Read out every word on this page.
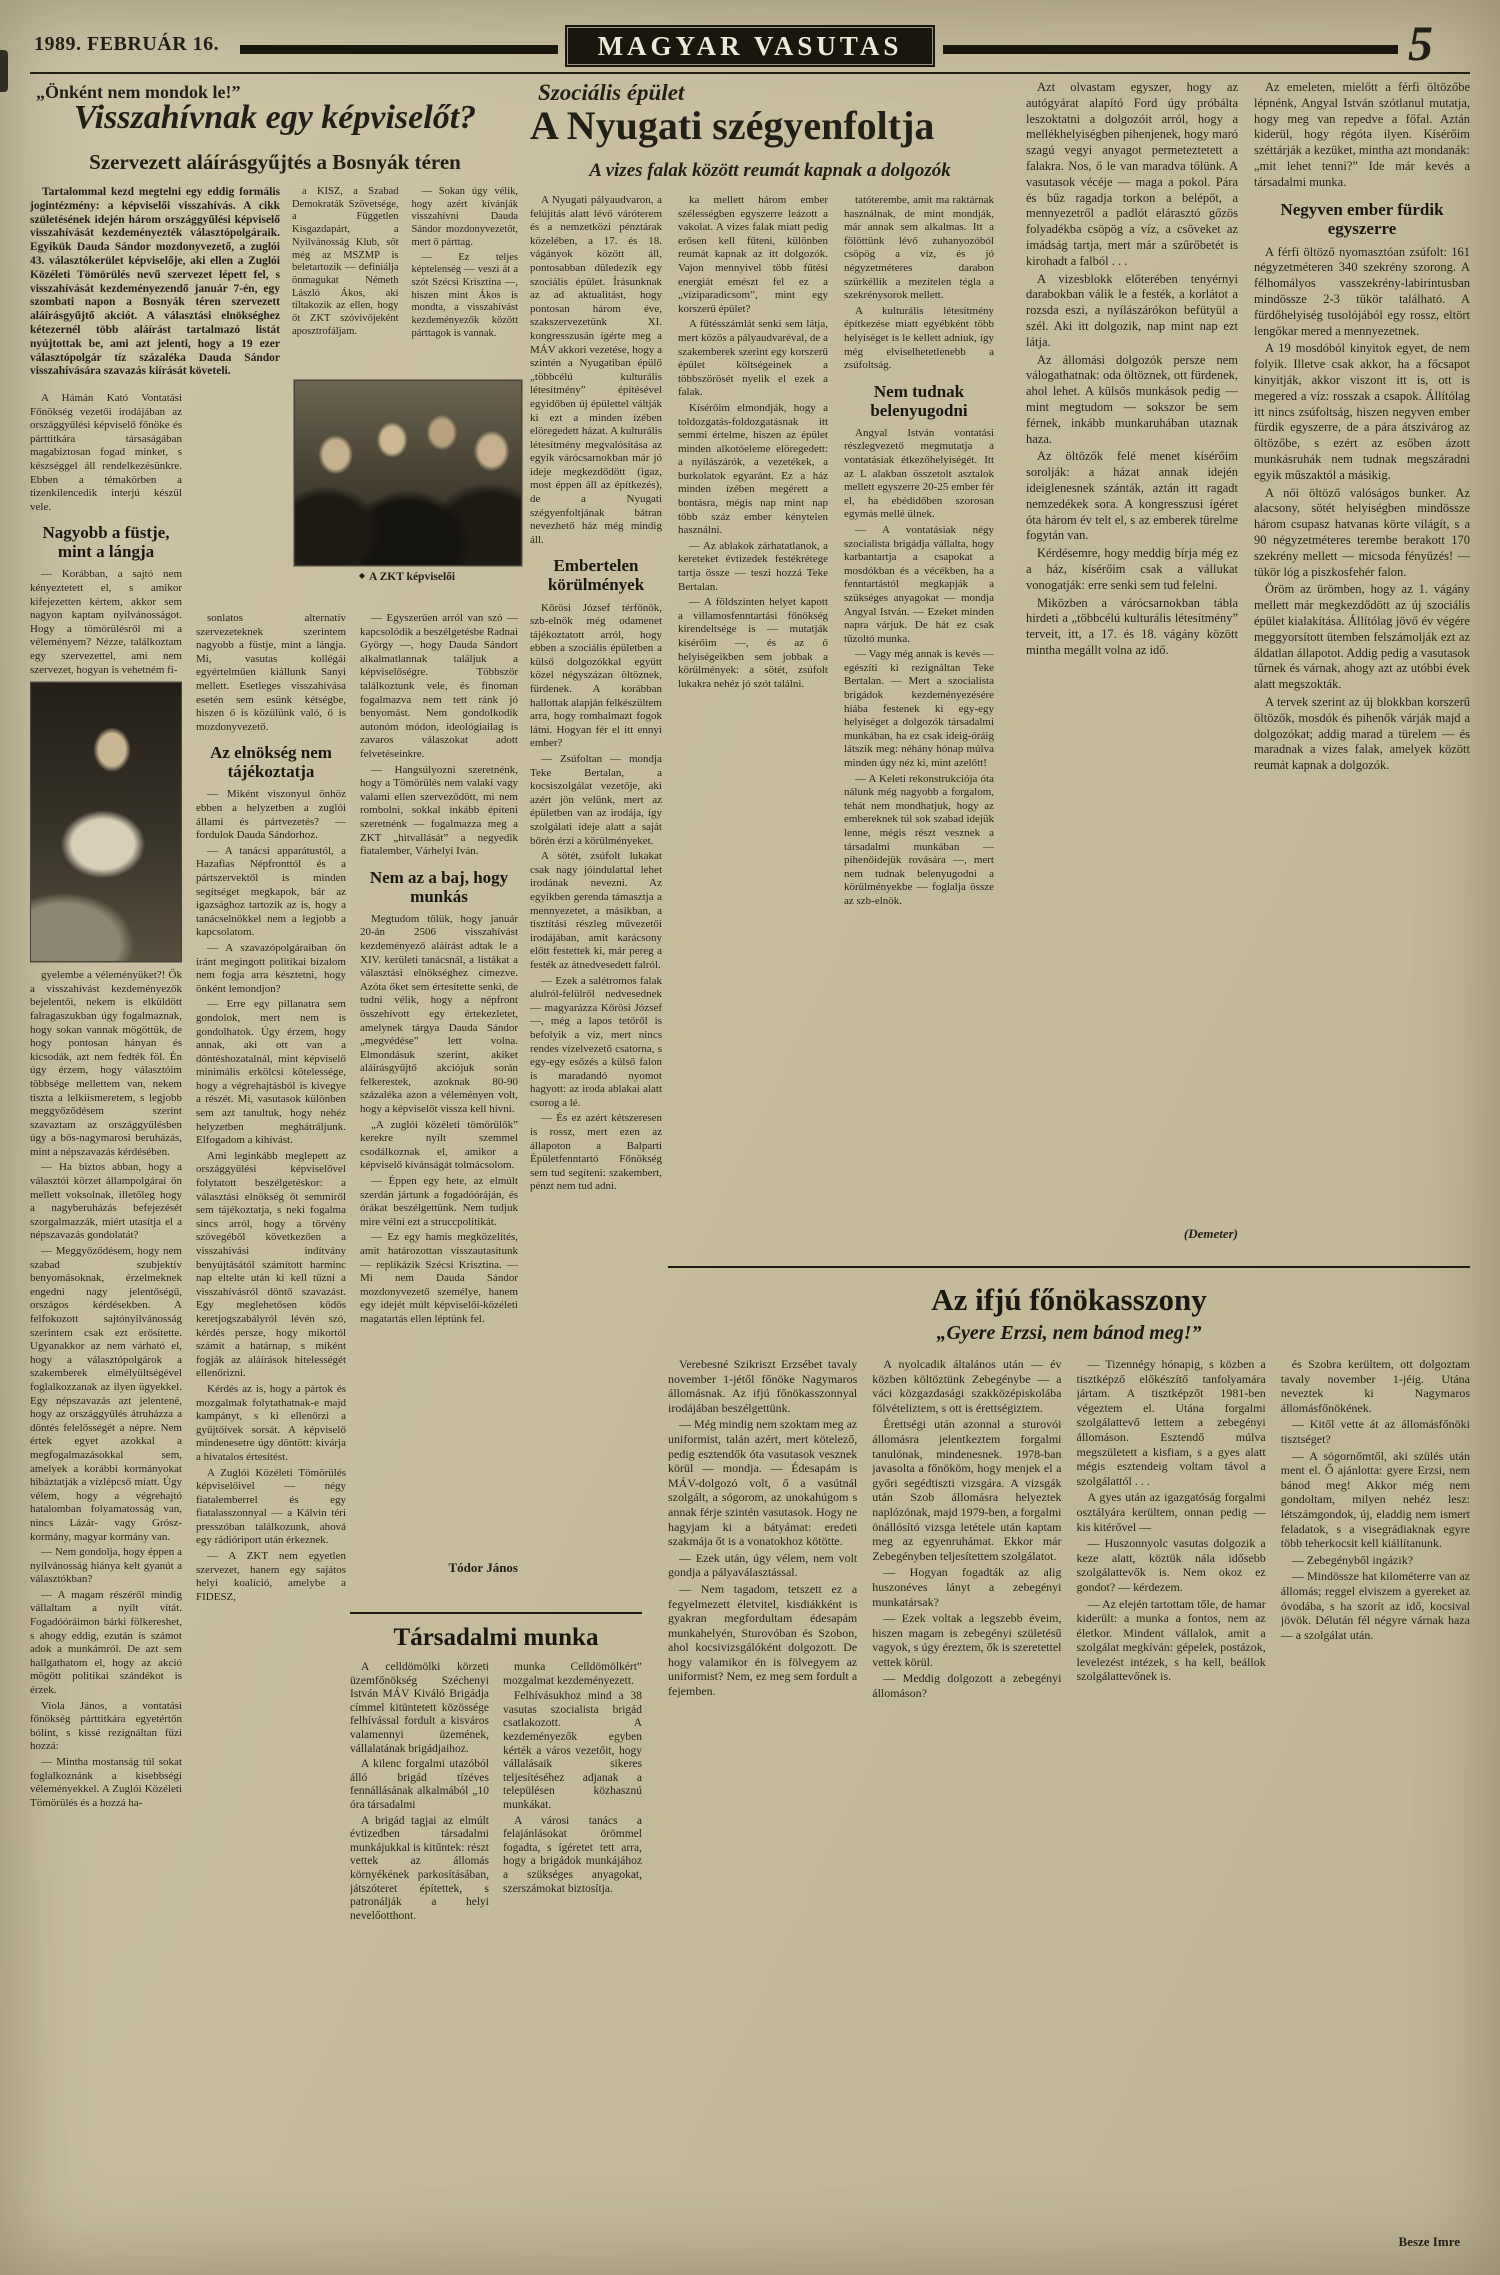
1989. FEBRUÁR 16.	MAGYAR VASUTAS	5
„Önként nem mondok le!”
Visszahívnak egy képviselőt?
Szervezett aláírásgyűjtés a Bosnyák téren

Tartalommal kezd megtelni egy eddig formális jogintézmény: a képviselői visszahívás. A cikk születésének idején három országgyűlési képviselő visszahívását kezdeményezték választópolgáraik. Egyikük Dauda Sándor mozdonyvezető, a zuglói 43. választókerület képviselője, aki ellen a Zuglói Közéleti Tömörülés nevű szervezet lépett fel, s visszahívását kezdeményezendő január 7-én, egy szombati napon a Bosnyák téren szervezett aláírásgyűjtő akciót. A választási elnökséghez kétezernél több aláírást tartalmazó listát nyújtottak be, ami azt jelenti, hogy a 19 ezer választópolgár tíz százaléka Dauda Sándor visszahívására szavazás kiírását követeli.

a KISZ, a Szabad Demokraták Szövetsége, a Független Kisgazdapárt, a Nyilvánosság Klub, sőt még az MSZMP is beletartozik — definiálja önmagukat Németh László Ákos, aki tiltakozik az ellen, hogy őt ZKT szóvivőjeként aposztrofáljam.

— Sokan úgy vélik, hogy azért kívánják visszahívni Dauda Sándor mozdonyvezetőt, mert ő párttag.

— Ez teljes képtelenség — veszi át a szót Szécsi Krisztina —, hiszen mint Ákos is mondta, a visszahívást kezdeményezők között párttagok is vannak.

◆ A ZKT képviselői

A Hámán Kató Vontatási Főnökség vezetői irodájában az országgyűlési képviselő főnöke és párttitkára társaságában magabiztosan fogad minket, s készséggel áll rendelkezésünkre. Ebben a témakörben a tizenkilencedik interjú készül vele.

Nagyobb a füstje, mint a lángja

— Korábban, a sajtó nem kényeztetett el, s amikor kifejezetten kértem, akkor sem nagyon kaptam nyilvánosságot. Hogy a tömörülésről mi a véleményem? Nézze, találkoztam egy szervezettel, ami nem szervezet, hogyan is vehetném fi-

gyelembe a véleményüket?! Ők a visszahívást kezdeményezők bejelentői, nekem is elküldött falragaszukban úgy fogalmaznak, hogy sokan vannak mögöttük, de hogy pontosan hányan és kicsodák, azt nem fedték föl. Én úgy érzem, hogy választóim többsége mellettem van, nekem tiszta a lelkiismeretem, s legjobb meggyőződésem szerint szavaztam az országgyűlésben úgy a bős-nagymarosi beruházás, mint a népszavazás kérdésében.

— Ha biztos abban, hogy a választói körzet állampolgárai ön mellett voksolnak, illetőleg hogy a nagyberuházás befejezését szorgalmazzák, miért utasítja el a népszavazás gondolatát?

— Meggyőződésem, hogy nem szabad szubjektív benyomásoknak, érzelmeknek engedni nagy jelentőségű, országos kérdésekben. A felfokozott sajtónyilvánosság szerintem csak ezt erősítette. Ugyanakkor az nem várható el, hogy a választópolgárok a szakemberek elmélyültségével foglalkozzanak az ilyen ügyekkel. Egy népszavazás azt jelentené, hogy az országgyűlés átruházza a döntés felelősségét a népre. Nem értek egyet azokkal a megfogalmazásokkal sem, amelyek a korábbi kormányokat hibáztatják a vízlépcső miatt. Úgy vélem, hogy a végrehajtó hatalomban folyamatosság van, nincs Lázár- vagy Grósz-kormány, magyar kormány van.

— Nem gondolja, hogy éppen a nyilvánosság hiánya kelt gyanút a választókban?

— A magam részéről mindig vállaltam a nyílt vitát. Fogadóóráimon bárki fölkereshet, s ahogy eddig, ezután is számot adok a munkámról. De azt sem hallgathatom el, hogy az akció mögött politikai szándékot is érzek.

Viola János, a vontatási főnökség párttitkára egyetértőn bólint, s kissé rezignáltan fűzi hozzá:

— Mintha mostanság túl sokat foglalkoznánk a kisebbségi véleményekkel. A Zuglói Közéleti Tömörülés és a hozzá ha-

sonlatos alternatív szervezeteknek szerintem nagyobb a füstje, mint a lángja. Mi, vasutas kollégái egyértelműen kiállunk Sanyi mellett. Esetleges visszahívása esetén sem esünk kétségbe, hiszen ő is közülünk való, ő is mozdonyvezető.

Az elnökség nem tájékoztatja

— Miként viszonyul önhöz ebben a helyzetben a zuglói állami és pártvezetés? — fordulok Dauda Sándorhoz.

— A tanácsi apparátustól, a Hazafias Népfronttól és a pártszervektől is minden segítséget megkapok, bár az igazsághoz tartozik az is, hogy a tanácselnökkel nem a legjobb a kapcsolatom.

— A szavazópolgáraiban ön iránt megingott politikai bizalom nem fogja arra késztetni, hogy önként lemondjon?

— Erre egy pillanatra sem gondolok, mert nem is gondolhatok. Úgy érzem, hogy annak, aki ott van a döntéshozatalnál, mint képviselő minimális erkölcsi kötelessége, hogy a végrehajtásból is kivegye a részét. Mi, vasutasok különben sem azt tanultuk, hogy nehéz helyzetben meghátráljunk. Elfogadom a kihívást.

Ami leginkább meglepett az országgyűlési képviselővel folytatott beszélgetéskor: a választási elnökség őt semmiről sem tájékoztatja, s neki fogalma sincs arról, hogy a törvény szövegéből következően a visszahívási indítvány benyújtásától számított harminc nap eltelte után ki kell tűzni a visszahívásról döntő szavazást. Egy meglehetősen ködös keretjogszabályról lévén szó, kérdés persze, hogy mikortól számít a határnap, s miként fogják az aláírások hitelességét ellenőrizni.

Kérdés az is, hogy a pártok és mozgalmak folytathatnak-e majd kampányt, s ki ellenőrzi a gyűjtőívek sorsát. A képviselő mindenesetre úgy döntött: kivárja a hivatalos értesítést.

A Zuglói Közéleti Tömörülés képviselőivel — négy fiatalemberrel és egy fiatalasszonnyal — a Kálvin téri presszóban találkozunk, ahová egy rádióriport után érkeznek.

— A ZKT nem egyetlen szervezet, hanem egy sajátos helyi koalíció, amelybe a FIDESZ,

— Egyszerűen arról van szó — kapcsolódik a beszélgetésbe Radnai György —, hogy Dauda Sándort alkalmatlannak találjuk a képviselőségre. Többször találkoztunk vele, és finoman fogalmazva nem tett ránk jó benyomást. Nem gondolkodik autonóm módon, ideológiailag is zavaros válaszokat adott felvetéseinkre.

— Hangsúlyozni szeretnénk, hogy a Tömörülés nem valaki vagy valami ellen szerveződött, mi nem rombolni, sokkal inkább építeni szeretnénk — fogalmazza meg a ZKT „hitvallását” a negyedik fiatalember, Várhelyi Iván.

Nem az a baj, hogy munkás

Megtudom tőlük, hogy január 20-án 2506 visszahívást kezdeményező aláírást adtak le a XIV. kerületi tanácsnál, a listákat a választási elnökséghez címezve. Azóta őket sem értesítette senki, de tudni vélik, hogy a népfront összehívott egy értekezletet, amelynek tárgya Dauda Sándor „megvédése” lett volna. Elmondásuk szerint, akiket aláírásgyűjtő akciójuk során felkerestek, azoknak 80-90 százaléka azon a véleményen volt, hogy a képviselőt vissza kell hívni.

„A zuglói közéleti tömörülők” kerekre nyílt szemmel csodálkoznak el, amikor a képviselő kívánságát tolmácsolom.

— Éppen egy hete, az elmúlt szerdán jártunk a fogadóóráján, és órákat beszélgettünk. Nem tudjuk mire vélni ezt a struccpolitikát.

— Ez egy hamis megközelítés, amit határozottan visszautasítunk — replikázik Szécsi Krisztina. — Mi nem Dauda Sándor mozdonyvezető személye, hanem egy idejét múlt képviselői-közéleti magatartás ellen léptünk fel.

Tódor János
Szociális épület
A Nyugati szégyenfoltja
A vizes falak között reumát kapnak a dolgozók

A Nyugati pályaudvaron, a felújítás alatt lévő váróterem és a nemzetközi pénztárak közelében, a 17. és 18. vágányok között áll, pontosabban düledezik egy szociális épület. Írásunknak az ad aktualitást, hogy pontosan három éve, szakszervezetünk XI. kongresszusán ígérte meg a MÁV akkori vezetése, hogy a szintén a Nyugatiban épülő „többcélú kulturális létesítmény” építésével egyidőben új épülettel váltják ki ezt a minden ízében elöregedett házat. A kulturális létesítmény megvalósítása az egyik várócsarnokban már jó ideje megkezdődött (igaz, most éppen áll az építkezés), de a Nyugati szégyenfoltjának bátran nevezhető ház még mindig áll.

Embertelen körülmények

Kőrösi József térfőnök, szb-elnök még odamenet tájékoztatott arról, hogy ebben a szociális épületben a külső dolgozókkal együtt közel négyszázan öltöznek, fürdenek. A korábban hallottak alapján felkészültem arra, hogy romhalmazt fogok látni. Hogyan fér el itt ennyi ember?

— Zsúfoltan — mondja Teke Bertalan, a kocsiszolgálat vezetője, aki azért jön velünk, mert az épületben van az irodája, így szolgálati ideje alatt a saját bőrén érzi a körülményeket.

A sötét, zsúfolt lukakat csak nagy jóindulattal lehet irodának nevezni. Az egyikben gerenda támasztja a mennyezetet, a másikban, a tisztítási részleg művezetői irodájában, amit karácsony előtt festettek ki, már pereg a festék az átnedvesedett falról.

— Ezek a salétromos falak alulról-felülről nedvesednek — magyarázza Kőrösi József —, még a lapos tetőről is befolyik a víz, mert nincs rendes vízelvezető csatorna, s egy-egy esőzés a külső falon is maradandó nyomot hagyott: az iroda ablakai alatt csorog a lé.

— És ez azért kétszeresen is rossz, mert ezen az állapoton a Balparti Épületfenntartó Főnökség sem tud segíteni: szakembert, pénzt nem tud adni.

ka mellett három ember szélességben egyszerre leázott a vakolat. A vizes falak miatt pedig erősen kell fűteni, különben reumát kapnak az itt dolgozók. Vajon mennyivel több fűtési energiát emészt fel ez a „víziparadicsom”, mint egy korszerű épület?

A fűtésszámlát senki sem látja, mert közös a pályaudvaréval, de a szakemberek szerint egy korszerű épület költségeinek a többszörösét nyelik el ezek a falak.

Kísérőim elmondják, hogy a toldozgatás-foldozgatásnak itt semmi értelme, hiszen az épület minden alkotóeleme elöregedett: a nyílászárók, a vezetékek, a burkolatok egyaránt. Ez a ház minden ízében megérett a bontásra, mégis nap mint nap több száz ember kénytelen használni.

— Az ablakok zárhatatlanok, a kereteket évtizedek festékrétege tartja össze — teszi hozzá Teke Bertalan.

— A földszinten helyet kapott a villamosfenntartási főnökség kirendeltsége is — mutatják kísérőim —, és az ő helyiségeikben sem jobbak a körülmények: a sötét, zsúfolt lukakra nehéz jó szót találni.

tatóterembe, amit ma raktárnak használnak, de mint mondják, már annak sem alkalmas. Itt a fölöttünk lévő zuhanyozóból csöpög a víz, és jó négyzetméteres darabon szürkéllik a mezítelen tégla a szekrénysorok mellett.

A kulturális létesítmény építkezése miatt egyébként több helyiséget is le kellett adniuk, így még elviselhetetlenebb a zsúfoltság.

Nem tudnak belenyugodni

Angyal István vontatási részlegvezető megmutatja a vontatásiak étkezőhelyiségét. Itt az L alakban összetolt asztalok mellett egyszerre 20-25 ember fér el, ha ebédidőben szorosan egymás mellé ülnek.

— A vontatásiak négy szocialista brigádja vállalta, hogy karbantartja a csapokat a mosdókban és a vécékben, ha a fenntartástól megkapják a szükséges anyagokat — mondja Angyal István. — Ezeket minden napra várjuk. De hát ez csak tűzoltó munka.

— Vagy még annak is kevés — egészíti ki rezignáltan Teke Bertalan. — Mert a szocialista brigádok kezdeményezésére hiába festenek ki egy-egy helyiséget a dolgozók társadalmi munkában, ha ez csak ideig-óráig látszik meg: néhány hónap múlva minden úgy néz ki, mint azelőtt!

— A Keleti rekonstrukciója óta nálunk még nagyobb a forgalom, tehát nem mondhatjuk, hogy az embereknek túl sok szabad idejük lenne, mégis részt vesznek a társadalmi munkában — pihenőidejük rovására —, mert nem tudnak belenyugodni a körülményekbe — foglalja össze az szb-elnök.

Azt olvastam egyszer, hogy az autógyárat alapító Ford úgy próbálta leszoktatni a dolgozóit arról, hogy a mellékhelyiségben pihenjenek, hogy maró szagú vegyi anyagot permeteztetett a falakra. Nos, ő le van maradva tőlünk. A vasutasok vécéje — maga a pokol. Pára és bűz ragadja torkon a belépőt, a mennyezetről a padlót elárasztó gőzös folyadékba csöpög a víz, a csöveket az imádság tartja, mert már a szűrőbetét is kirohadt a falból . . .

A vizesblokk előterében tenyérnyi darabokban válik le a festék, a korlátot a rozsda eszi, a nyílászárókon befütyül a szél. Aki itt dolgozik, nap mint nap ezt látja.

Az állomási dolgozók persze nem válogathatnak: oda öltöznek, ott fürdenek, ahol lehet. A külsős munkások pedig — mint megtudom — sokszor be sem férnek, inkább munkaruhában utaznak haza.

Az öltözők felé menet kísérőim sorolják: a házat annak idején ideiglenesnek szánták, aztán itt ragadt nemzedékek sora. A kongresszusi ígéret óta három év telt el, s az emberek türelme fogytán van.

Kérdésemre, hogy meddig bírja még ez a ház, kísérőim csak a vállukat vonogatják: erre senki sem tud felelni.

Miközben a várócsarnokban tábla hirdeti a „többcélú kulturális létesítmény” terveit, itt, a 17. és 18. vágány között mintha megállt volna az idő.

(Demeter)

Az emeleten, mielőtt a férfi öltözőbe lépnénk, Angyal István szótlanul mutatja, hogy meg van repedve a főfal. Aztán kiderül, hogy régóta ilyen. Kísérőim széttárják a kezüket, mintha azt mondanák: „mit lehet tenni?” Ide már kevés a társadalmi munka.

Negyven ember fürdik egyszerre

A férfi öltöző nyomasztóan zsúfolt: 161 négyzetméteren 340 szekrény szorong. A félhomályos vasszekrény-labirintusban mindössze 2-3 tükör található. A fürdőhelyiség tusolójából egy rossz, eltört lengőkar mered a mennyezetnek.

A 19 mosdóból kinyitok egyet, de nem folyik. Illetve csak akkor, ha a főcsapot kinyitják, akkor viszont itt is, ott is megered a víz: rosszak a csapok. Állítólag itt nincs zsúfoltság, hiszen negyven ember fürdik egyszerre, de a pára átszivárog az öltözőbe, s ezért az esőben ázott munkásruhák nem tudnak megszáradni egyik műszaktól a másikig.

A női öltöző valóságos bunker. Az alacsony, sötét helyiségben mindössze három csupasz hatvanas körte világít, s a 90 négyzetméteres terembe berakott 170 szekrény mellett — micsoda fényűzés! — tükör lóg a piszkosfehér falon.

Öröm az ürömben, hogy az 1. vágány mellett már megkezdődött az új szociális épület kialakítása. Állítólag jövő év végére meggyorsított ütemben felszámolják ezt az áldatlan állapotot. Addig pedig a vasutasok tűrnek és várnak, ahogy azt az utóbbi évek alatt megszokták.

A tervek szerint az új blokkban korszerű öltözők, mosdók és pihenők várják majd a dolgozókat; addig marad a türelem — és maradnak a vizes falak, amelyek között reumát kapnak a dolgozók.

Társadalmi munka

A celldömölki körzeti üzemfőnökség Széchenyi István MÁV Kiváló Brigádja címmel kitüntetett közössége felhívással fordult a kisváros valamennyi üzemének, vállalatának brigádjaihoz.

A kilenc forgalmi utazóból álló brigád tízéves fennállásának alkalmából „10 óra társadalmi

A brigád tagjai az elmúlt évtizedben társadalmi munkájukkal is kitűntek: részt vettek az állomás környékének parkosításában, játszóteret építettek, s patronálják a helyi nevelőotthont.

munka Celldömölkért” mozgalmat kezdeményezett.

Felhívásukhoz mind a 38 vasutas szocialista brigád csatlakozott. A kezdeményezők egyben kérték a város vezetőit, hogy vállalásaik sikeres teljesítéséhez adjanak a településen közhasznú munkákat.

A városi tanács a felajánlásokat örömmel fogadta, s ígéretet tett arra, hogy a brigádok munkájához a szükséges anyagokat, szerszámokat biztosítja.

Az ifjú főnökasszony
„Gyere Erzsi, nem bánod meg!”

Verebesné Szikriszt Erzsébet tavaly november 1-jétől főnöke Nagymaros állomásnak. Az ifjú főnökasszonnyal irodájában beszélgettünk.

— Még mindig nem szoktam meg az uniformist, talán azért, mert kötelező, pedig esztendők óta vasutasok vesznek körül — mondja. — Édesapám is MÁV-dolgozó volt, ő a vasútnál szolgált, a sógorom, az unokahúgom s annak férje szintén vasutasok. Hogy ne hagyjam ki a bátyámat: eredeti szakmája őt is a vonatokhoz kötötte.

— Ezek után, úgy vélem, nem volt gondja a pályaválasztással.

— Nem tagadom, tetszett ez a fegyelmezett életvitel, kisdiákként is gyakran megfordultam édesapám munkahelyén, Sturovóban és Szobon, ahol kocsivizsgálóként dolgozott. De hogy valamikor én is fölvegyem az uniformist? Nem, ez meg sem fordult a fejemben.

A nyolcadik általános után — év közben költöztünk Zebegénybe — a váci közgazdasági szakközépiskolába fölvételiztem, s ott is érettségiztem.

Érettségi után azonnal a sturovói állomásra jelentkeztem forgalmi tanulónak, mindenesnek. 1978-ban javasolta a főnököm, hogy menjek el a győri segédtiszti vizsgára. A vizsgák után Szob állomásra helyeztek naplózónak, majd 1979-ben, a forgalmi önállósító vizsga letétele után kaptam meg az egyenruhámat. Ekkor már Zebegényben teljesítettem szolgálatot.

— Hogyan fogadták az alig huszonéves lányt a zebegényi munkatársak?

— Ezek voltak a legszebb éveim, hiszen magam is zebegényi születésű vagyok, s úgy éreztem, ők is szeretettel vettek körül.

— Meddig dolgozott a zebegényi állomáson?

— Tizennégy hónapig, s közben a tisztképző előkészítő tanfolyamára jártam. A tisztképzőt 1981-ben végeztem el. Utána forgalmi szolgálattevő lettem a zebegényi állomáson. Esztendő múlva megszületett a kisfiam, s a gyes alatt mégis esztendeig voltam távol a szolgálattól . . .

A gyes után az igazgatóság forgalmi osztályára kerültem, onnan pedig — kis kitérővel —

— Huszonnyolc vasutas dolgozik a keze alatt, köztük nála idősebb szolgálattevők is. Nem okoz ez gondot? — kérdezem.

— Az elején tartottam tőle, de hamar kiderült: a munka a fontos, nem az életkor. Mindent vállalok, amit a szolgálat megkíván: gépelek, postázok, levelezést intézek, s ha kell, beállok szolgálattevőnek is.

és Szobra kerültem, ott dolgoztam tavaly november 1-jéig. Utána neveztek ki Nagymaros állomásfőnökének.

— Kitől vette át az állomásfőnöki tisztséget?

— A sógornőmtől, aki szülés után ment el. Ő ajánlotta: gyere Erzsi, nem bánod meg! Akkor még nem gondoltam, milyen nehéz lesz: létszámgondok, új, eladdig nem ismert feladatok, s a visegrádiaknak egyre több teherkocsit kell kiállítanunk.

— Zebegényből ingázik?

— Mindössze hat kilométerre van az állomás; reggel elviszem a gyereket az óvodába, s ha szorít az idő, kocsival jövök. Délután fél négyre várnak haza — a szolgálat után.

Besze Imre
